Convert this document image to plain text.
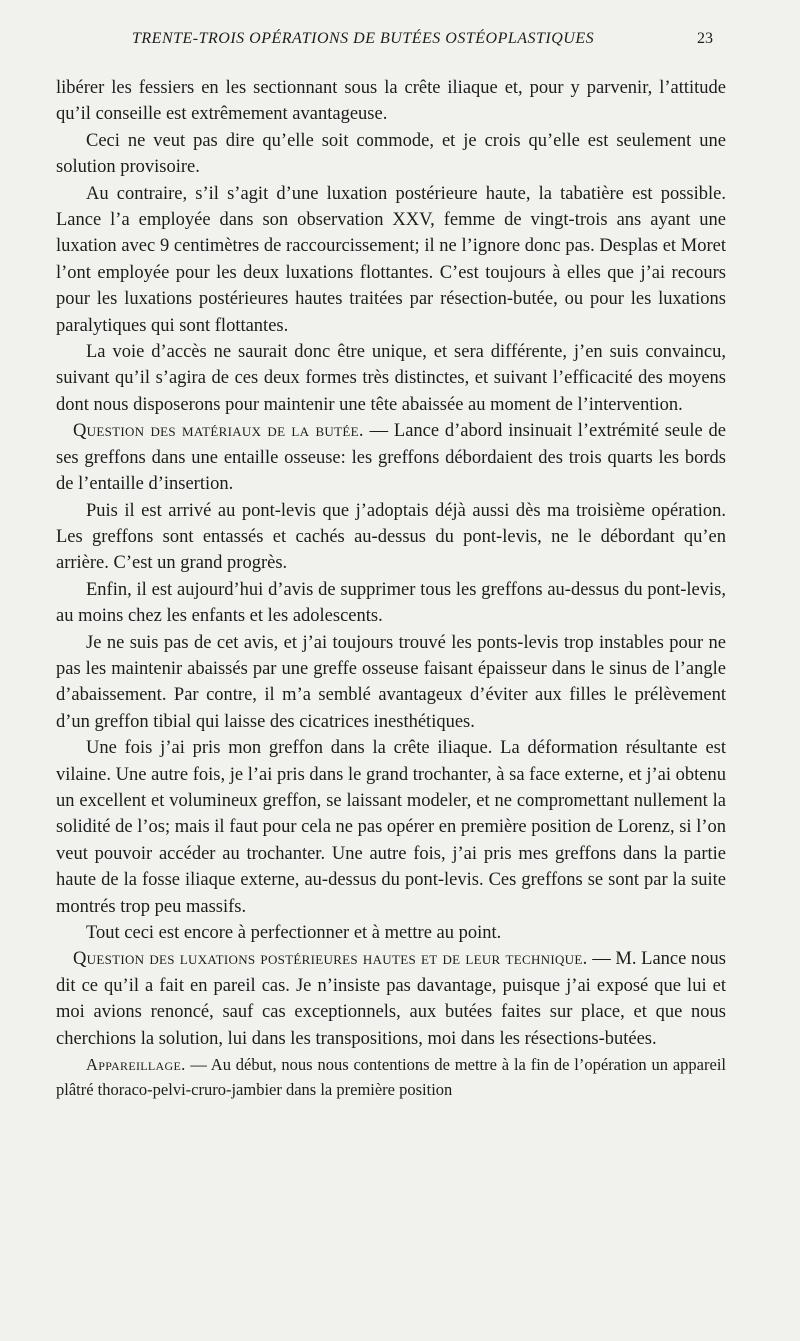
TRENTE-TROIS OPÉRATIONS DE BUTÉES OSTÉOPLASTIQUES	23

libérer les fessiers en les sectionnant sous la crête iliaque et, pour y parvenir, l’attitude qu’il conseille est extrêmement avantageuse.

Ceci ne veut pas dire qu’elle soit commode, et je crois qu’elle est seulement une solution provisoire.

Au contraire, s’il s’agit d’une luxation postérieure haute, la tabatière est possible. Lance l’a employée dans son observation XXV, femme de vingt-trois ans ayant une luxation avec 9 centimètres de raccourcissement; il ne l’ignore donc pas. Desplas et Moret l’ont employée pour les deux luxations flottantes. C’est toujours à elles que j’ai recours pour les luxations postérieures hautes traitées par résection-butée, ou pour les luxations paralytiques qui sont flottantes.

La voie d’accès ne saurait donc être unique, et sera différente, j’en suis convaincu, suivant qu’il s’agira de ces deux formes très distinctes, et suivant l’efficacité des moyens dont nous disposerons pour maintenir une tête abaissée au moment de l’intervention.

Question des matériaux de la butée. — Lance d’abord insinuait l’extrémité seule de ses greffons dans une entaille osseuse: les greffons débordaient des trois quarts les bords de l’entaille d’insertion.

Puis il est arrivé au pont-levis que j’adoptais déjà aussi dès ma troisième opération. Les greffons sont entassés et cachés au-dessus du pont-levis, ne le débordant qu’en arrière. C’est un grand progrès.

Enfin, il est aujourd’hui d’avis de supprimer tous les greffons au-dessus du pont-levis, au moins chez les enfants et les adolescents.

Je ne suis pas de cet avis, et j’ai toujours trouvé les ponts-levis trop instables pour ne pas les maintenir abaissés par une greffe osseuse faisant épaisseur dans le sinus de l’angle d’abaissement. Par contre, il m’a semblé avantageux d’éviter aux filles le prélèvement d’un greffon tibial qui laisse des cicatrices inesthétiques.

Une fois j’ai pris mon greffon dans la crête iliaque. La déformation résultante est vilaine. Une autre fois, je l’ai pris dans le grand trochanter, à sa face externe, et j’ai obtenu un excellent et volumineux greffon, se laissant modeler, et ne compromettant nullement la solidité de l’os; mais il faut pour cela ne pas opérer en première position de Lorenz, si l’on veut pouvoir accéder au trochanter. Une autre fois, j’ai pris mes greffons dans la partie haute de la fosse iliaque externe, au-dessus du pont-levis. Ces greffons se sont par la suite montrés trop peu massifs.

Tout ceci est encore à perfectionner et à mettre au point.

Question des luxations postérieures hautes et de leur technique. — M. Lance nous dit ce qu’il a fait en pareil cas. Je n’insiste pas davantage, puisque j’ai exposé que lui et moi avions renoncé, sauf cas exceptionnels, aux butées faites sur place, et que nous cherchions la solution, lui dans les transpositions, moi dans les résections-butées.

Appareillage. — Au début, nous nous contentions de mettre à la fin de l’opération un appareil plâtré thoraco-pelvi-cruro-jambier dans la première position
